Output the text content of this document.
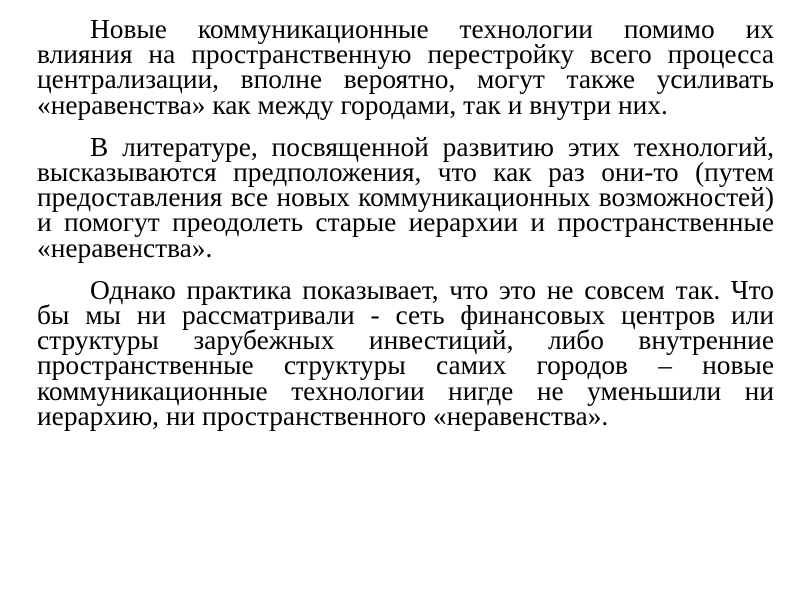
Новые коммуникационные технологии помимо их влияния на пространственную перестройку всего процесса централизации, вполне вероятно, могут также усиливать «неравенства» как между городами, так и внутри них.

В литературе, посвященной развитию этих технологий, высказываются предположения, что как раз они-то (путем предоставления все новых коммуникационных возможностей) и помогут преодолеть старые иерархии и пространственные «неравенства».

Однако практика показывает, что это не совсем так. Что бы мы ни рассматривали - сеть финансовых центров или структуры зарубежных инвестиций, либо внутренние пространственные структуры самих городов – новые коммуникационные технологии нигде не уменьшили ни иерархию, ни пространственного «неравенства».
